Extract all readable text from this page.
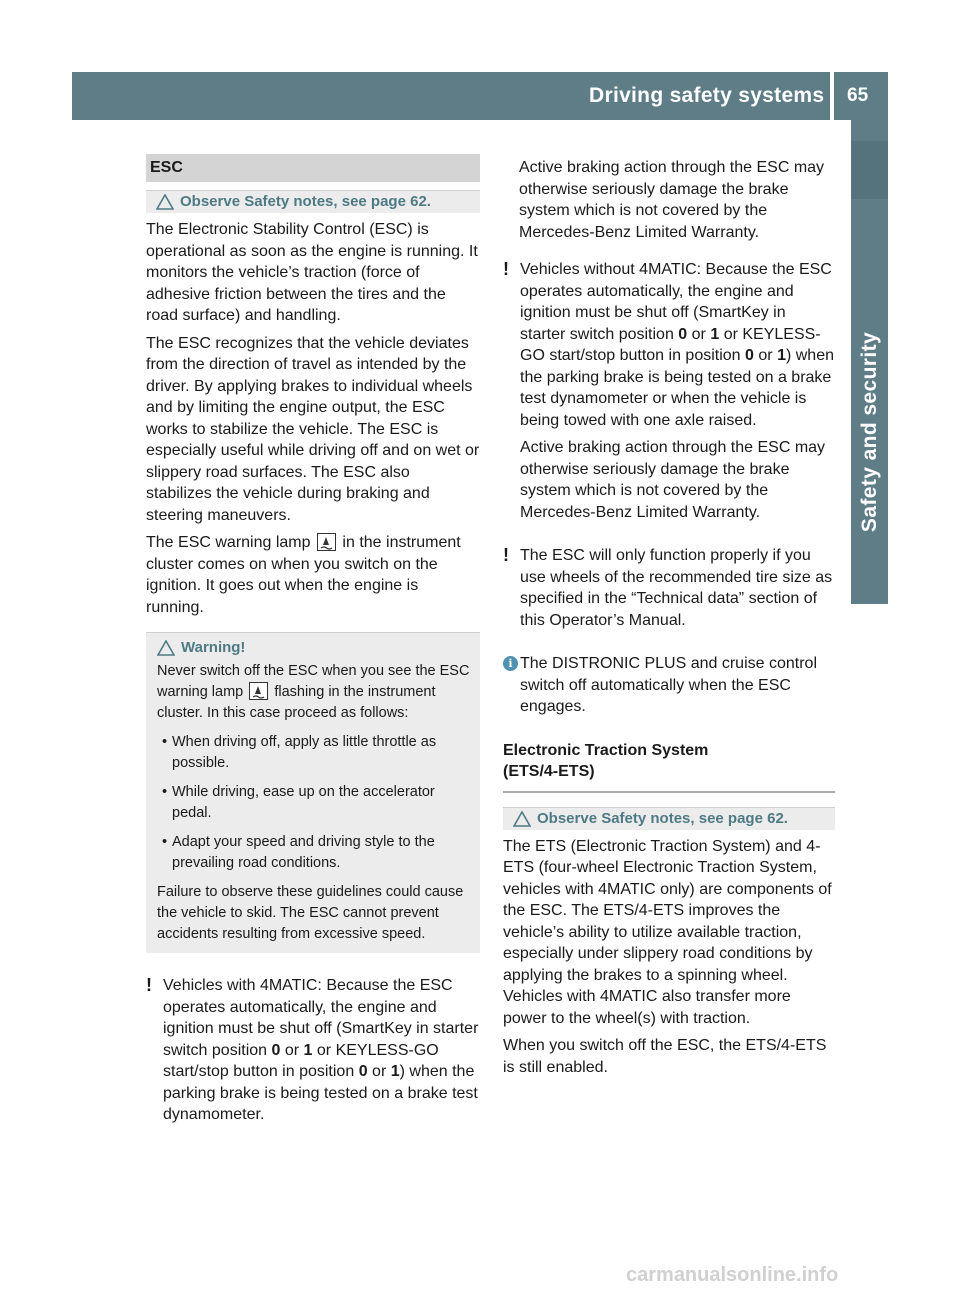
Driving safety systems 65
Safety and security
ESC
Observe Safety notes, see page 62.

The Electronic Stability Control (ESC) is operational as soon as the engine is running. It monitors the vehicle’s traction (force of adhesive friction between the tires and the road surface) and handling.

The ESC recognizes that the vehicle deviates from the direction of travel as intended by the driver. By applying brakes to individual wheels and by limiting the engine output, the ESC works to stabilize the vehicle. The ESC is especially useful while driving off and on wet or slippery road surfaces. The ESC also stabilizes the vehicle during braking and steering maneuvers.

The ESC warning lamp in the instrument cluster comes on when you switch on the ignition. It goes out when the engine is running.

Warning!

Never switch off the ESC when you see the ESC warning lamp flashing in the instrument cluster. In this case proceed as follows:

• When driving off, apply as little throttle as possible.
• While driving, ease up on the accelerator pedal.
• Adapt your speed and driving style to the prevailing road conditions.

Failure to observe these guidelines could cause the vehicle to skid. The ESC cannot prevent accidents resulting from excessive speed.

! Vehicles with 4MATIC: Because the ESC operates automatically, the engine and ignition must be shut off (SmartKey in starter switch position 0 or 1 or KEYLESS-GO start/stop button in position 0 or 1) when the parking brake is being tested on a brake test dynamometer.

Active braking action through the ESC may otherwise seriously damage the brake system which is not covered by the Mercedes-Benz Limited Warranty.

! Vehicles without 4MATIC: Because the ESC operates automatically, the engine and ignition must be shut off (SmartKey in starter switch position 0 or 1 or KEYLESS-GO start/stop button in position 0 or 1) when the parking brake is being tested on a brake test dynamometer or when the vehicle is being towed with one axle raised.

Active braking action through the ESC may otherwise seriously damage the brake system which is not covered by the Mercedes-Benz Limited Warranty.

! The ESC will only function properly if you use wheels of the recommended tire size as specified in the “Technical data” section of this Operator’s Manual.
i The DISTRONIC PLUS and cruise control switch off automatically when the ESC engages.
Electronic Traction System
(ETS/4-ETS)
Observe Safety notes, see page 62.

The ETS (Electronic Traction System) and 4-ETS (four-wheel Electronic Traction System, vehicles with 4MATIC only) are components of the ESC. The ETS/4-ETS improves the vehicle’s ability to utilize available traction, especially under slippery road conditions by applying the brakes to a spinning wheel. Vehicles with 4MATIC also transfer more power to the wheel(s) with traction.

When you switch off the ESC, the ETS/4-ETS is still enabled.

carmanualsonline.info
